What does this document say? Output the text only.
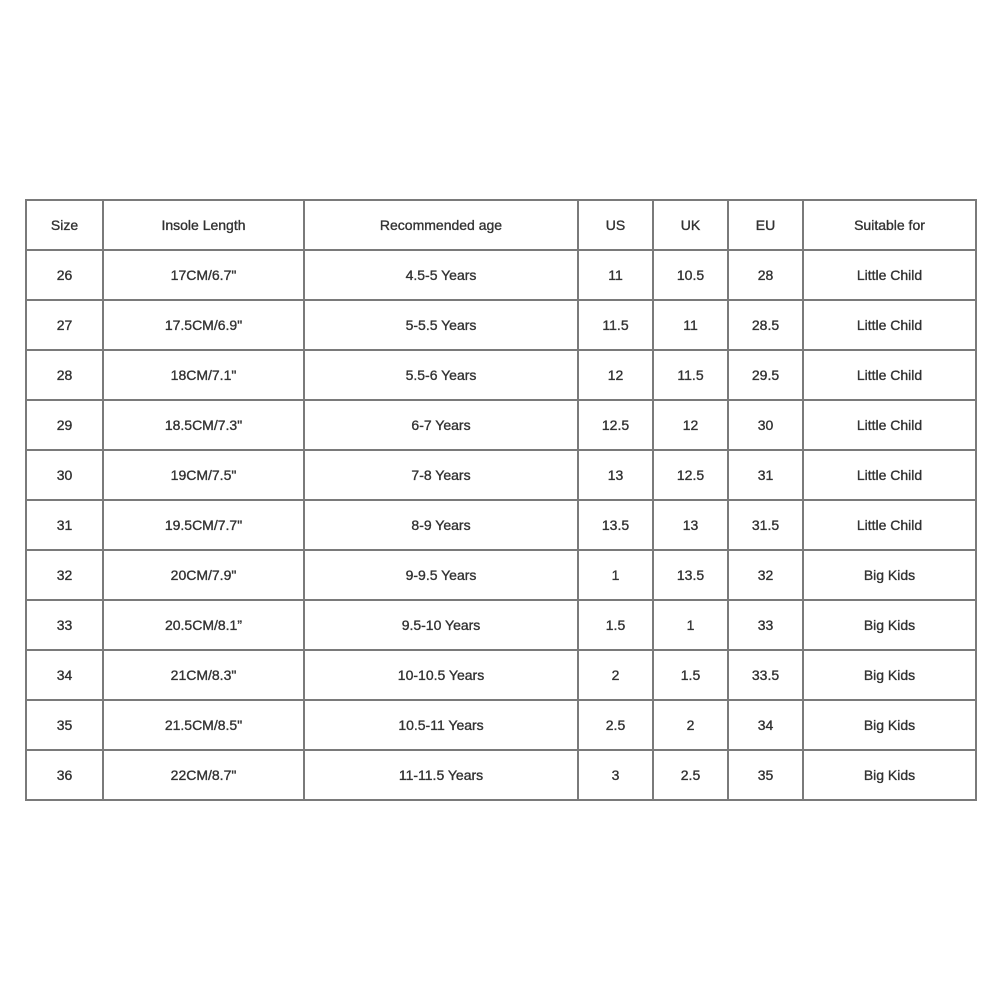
Size	Insole Length	Recommended age	US	UK	EU	Suitable for
26	17CM/6.7"	4.5-5 Years	11	10.5	28	Little Child
27	17.5CM/6.9"	5-5.5 Years	11.5	11	28.5	Little Child
28	18CM/7.1"	5.5-6 Years	12	11.5	29.5	Little Child
29	18.5CM/7.3"	6-7 Years	12.5	12	30	Little Child
30	19CM/7.5"	7-8 Years	13	12.5	31	Little Child
31	19.5CM/7.7"	8-9 Years	13.5	13	31.5	Little Child
32	20CM/7.9"	9-9.5 Years	1	13.5	32	Big Kids
33	20.5CM/8.1”	9.5-10 Years	1.5	1	33	Big Kids
34	21CM/8.3"	10-10.5 Years	2	1.5	33.5	Big Kids
35	21.5CM/8.5"	10.5-11 Years	2.5	2	34	Big Kids
36	22CM/8.7"	11-11.5 Years	3	2.5	35	Big Kids
